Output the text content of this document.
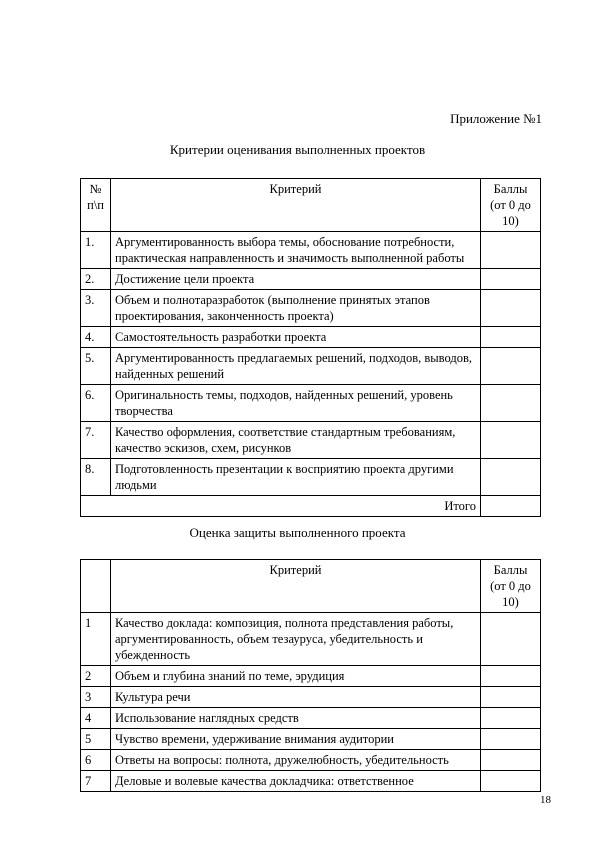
Приложение №1
Критерии оценивания выполненных проектов
№ п\п	Критерий	Баллы (от 0 до 10)
1.	Аргументированность выбора темы, обоснование потребности, практическая направленность и значимость выполненной работы	
2.	Достижение цели проекта	
3.	Объем и полнотаразработок (выполнение принятых этапов проектирования, законченность проекта)	
4.	Самостоятельность разработки проекта	
5.	Аргументированность предлагаемых решений, подходов, выводов, найденных решений	
6.	Оригинальность темы, подходов, найденных решений, уровень творчества	
7.	Качество оформления, соответствие стандартным требованиям, качество эскизов, схем, рисунков	
8.	Подготовленность презентации к восприятию проекта другими людьми	
Итого		
Оценка защиты выполненного проекта
	Критерий	Баллы (от 0 до 10)
1	Качество доклада: композиция, полнота представления работы, аргументированность, объем тезауруса, убедительность и убежденность	
2	Объем и глубина знаний по теме, эрудиция	
3	Культура речи	
4	Использование наглядных средств	
5	Чувство времени, удерживание внимания аудитории	
6	Ответы на вопросы: полнота, дружелюбность, убедительность	
7	Деловые и волевые качества докладчика: ответственное	
18
